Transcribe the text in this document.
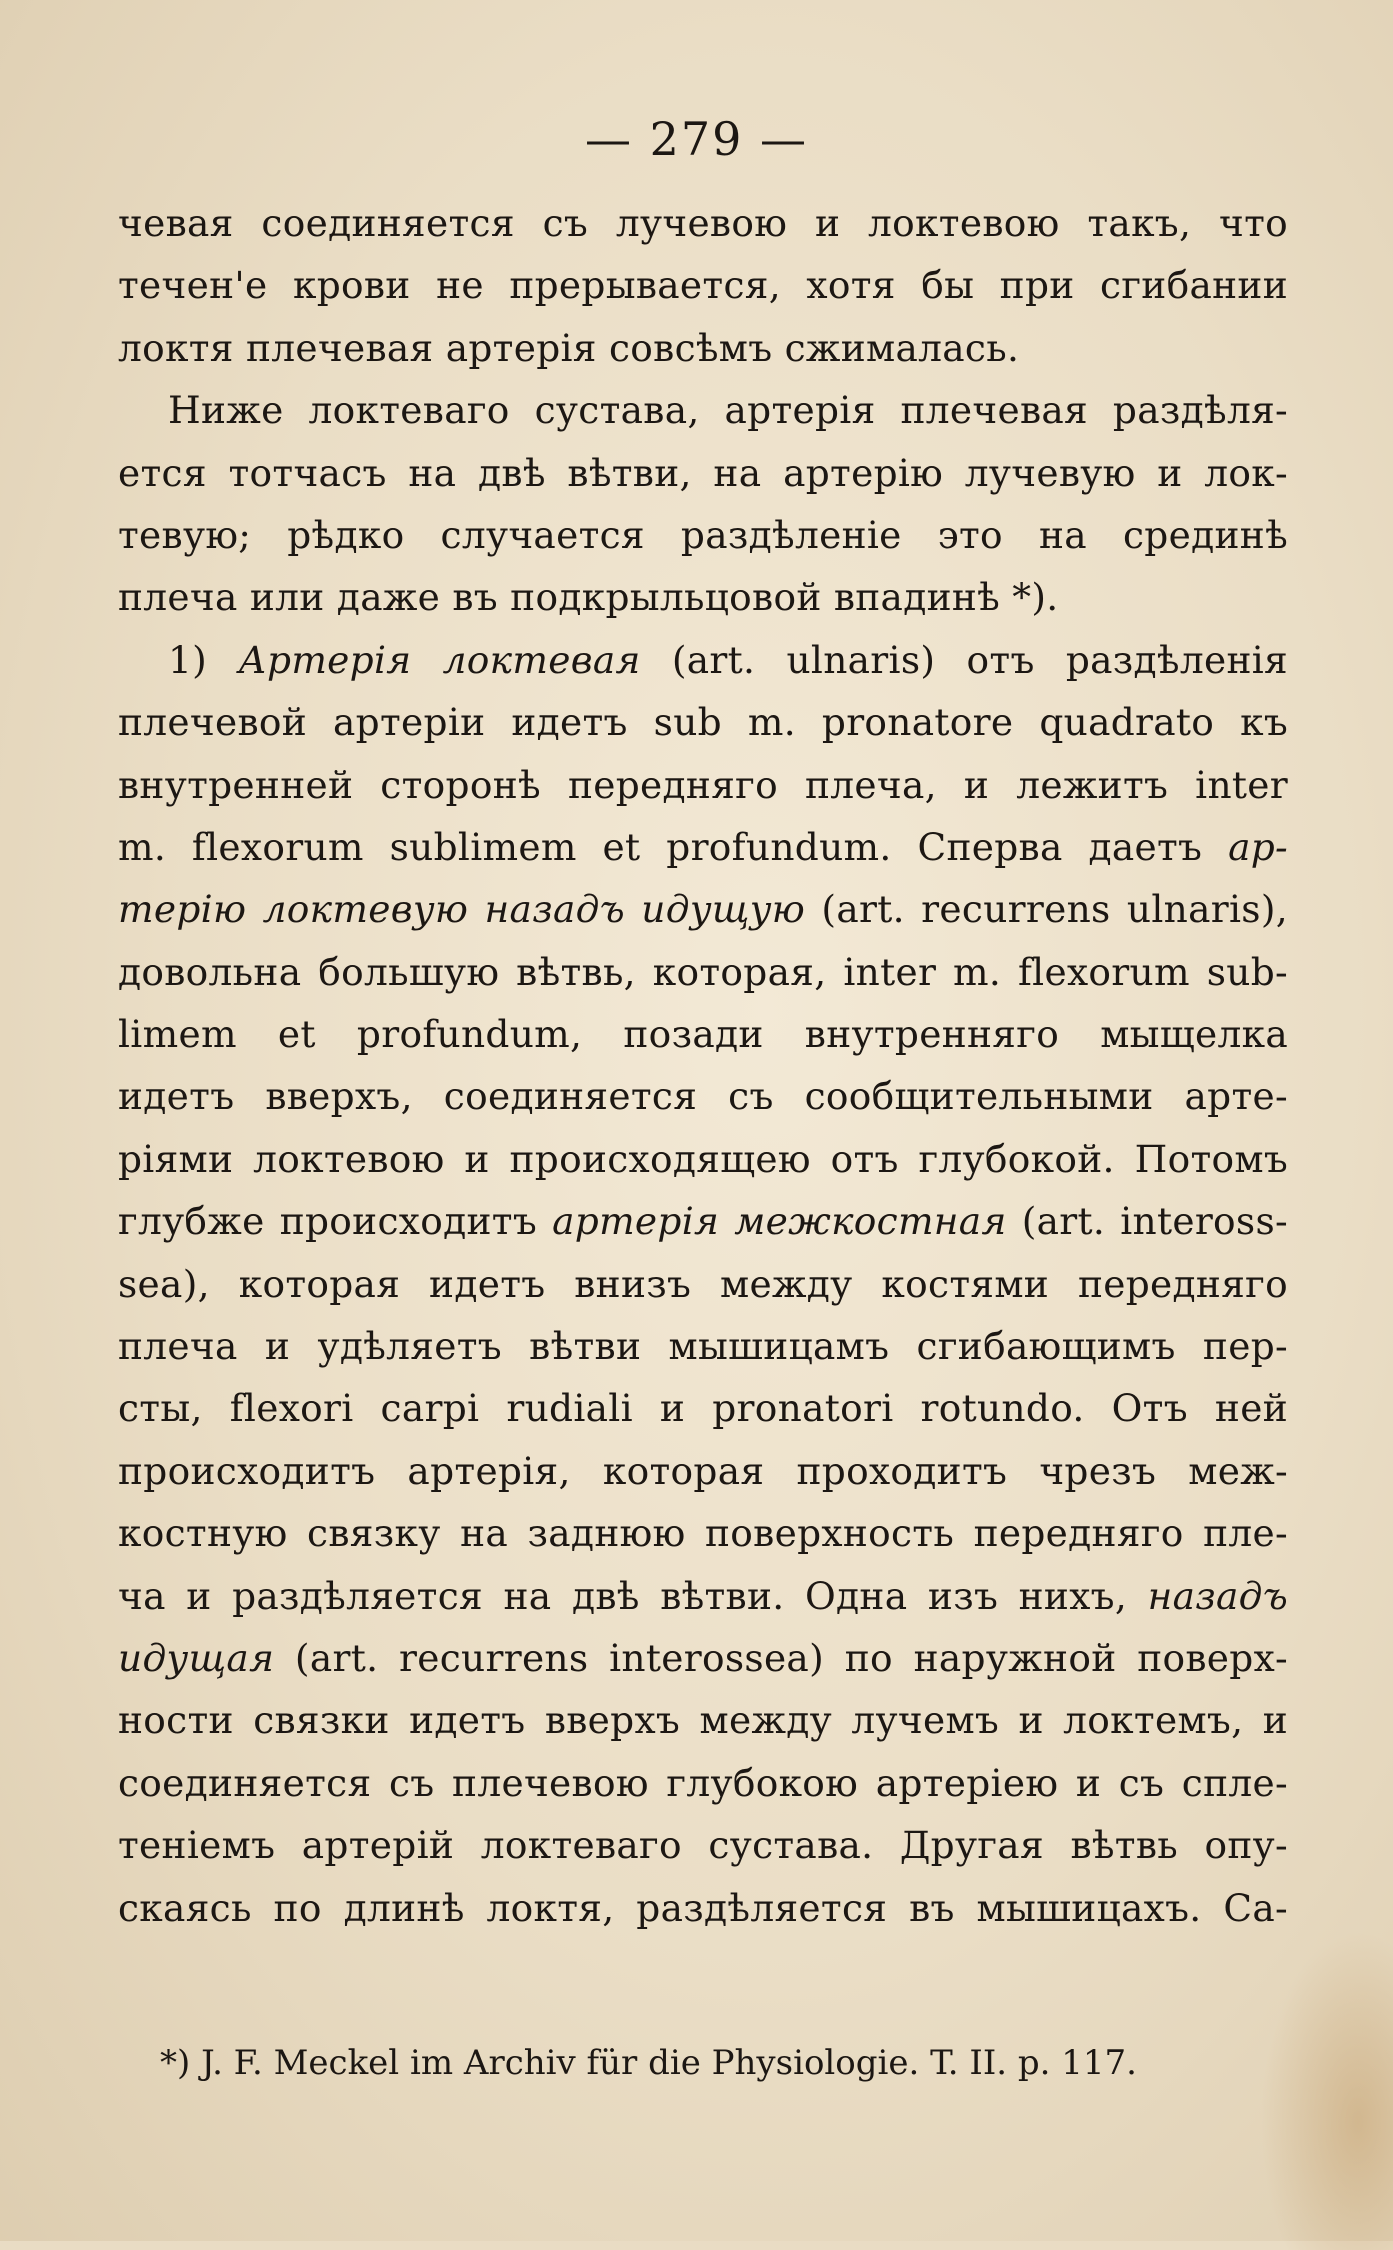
— 279 —
чевая соединяется съ лучевою и локтевою такъ, что
течен'е крови не прерывается, хотя бы при сгибании
локтя плечевая артерія совсѣмъ сжималась.
Ниже локтеваго сустава, артерія плечевая раздѣля-
ется тотчасъ на двѣ вѣтви, на артерію лучевую и лок-
тевую; рѣдко случается раздѣленіе это на срединѣ
плеча или даже въ подкрыльцовой впадинѣ *).
1) Артерія локтевая (art. ulnaris) отъ раздѣленія
плечевой артеріи идетъ sub m. pronatore quadrato къ
внутренней сторонѣ передняго плеча, и лежитъ inter
m. flexorum sublimem et profundum. Сперва даетъ ар-
терію локтевую назадъ идущую (art. recurrens ulnaris),
довольна большую вѣтвь, которая, inter m. flexorum sub-
limem et profundum, позади внутренняго мыщелка
идетъ вверхъ, соединяется съ сообщительными арте-
ріями локтевою и происходящею отъ глубокой. Потомъ
глубже происходитъ артерія межкостная (art. inteross-
sea), которая идетъ внизъ между костями передняго
плеча и удѣляетъ вѣтви мышицамъ сгибающимъ пер-
сты, flexori carpi rudiali и pronatori rotundo. Отъ ней
происходитъ артерія, которая проходитъ чрезъ меж-
костную связку на заднюю поверхность передняго пле-
ча и раздѣляется на двѣ вѣтви. Одна изъ нихъ, назадъ
идущая (art. recurrens interossea) по наружной поверх-
ности связки идетъ вверхъ между лучемъ и локтемъ, и
соединяется съ плечевою глубокою артеріею и съ спле-
теніемъ артерій локтеваго сустава. Другая вѣтвь опу-
скаясь по длинѣ локтя, раздѣляется въ мышицахъ. Са-
*) J. F. Meckel im Archiv für die Physiologie. T. II. p. 117.
